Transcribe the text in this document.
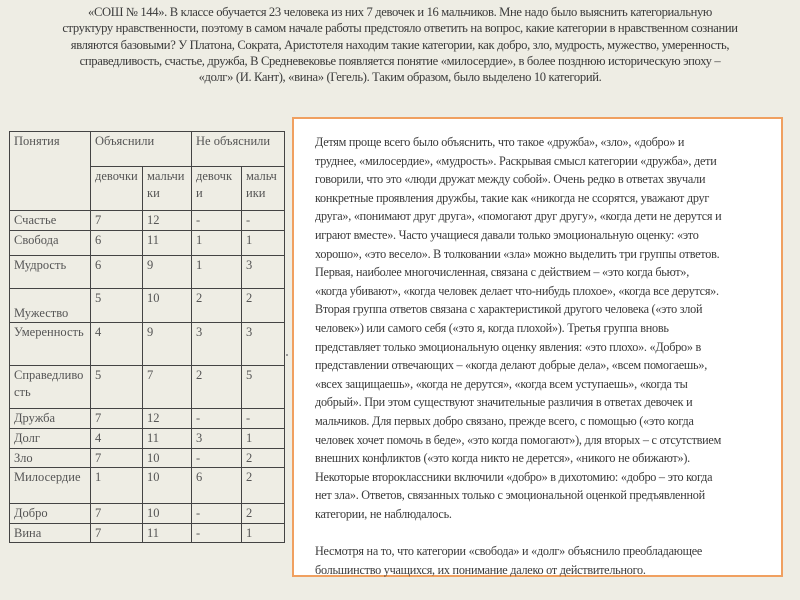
«СОШ № 144». В классе обучается 23 человека из них 7 девочек и 16 мальчиков. Мне надо было выяснить категориальную
структуру нравственности, поэтому в самом начале работы предстояло ответить на вопрос, какие категории в нравственном сознании
являются базовыми? У Платона, Сократа, Аристотеля находим такие категории, как добро, зло, мудрость, мужество, умеренность,
справедливость, счастье, дружба, В Средневековье появляется понятие «милосердие», в более позднюю историческую эпоху –
«долг» (И. Кант), «вина» (Гегель). Таким образом, было выделено 10 категорий.
Понятия	Объяснили		Не объяснили	
	девочки	мальчики	девочки	мальчики
Счастье	7	12	-	-
Свобода	6	11	1	1
Мудрость	6	9	1	3
Мужество	5	10	2	2
Умеренность	4	9	3	3
Справедливость	5	7	2	5
Дружба	7	12	-	-
Долг	4	11	3	1
Зло	7	10	-	2
Милосердие	1	10	6	2
Добро	7	10	-	2
Вина	7	11	-	1
Детям проще всего было объяснить, что такое «дружба», «зло», «добро» и
труднее, «милосердие», «мудрость». Раскрывая смысл категории «дружба», дети
говорили, что это «люди дружат между собой». Очень редко в ответах звучали
конкретные проявления дружбы, такие как «никогда не ссорятся, уважают друг
друга», «понимают друг друга», «помогают друг другу», «когда дети не дерутся и
играют вместе». Часто учащиеся давали только эмоциональную оценку: «это
хорошо», «это весело». В толковании «зла» можно выделить три группы ответов.
Первая, наиболее многочисленная, связана с действием – «это когда бьют»,
«когда убивают», «когда человек делает что-нибудь плохое», «когда все дерутся».
Вторая группа ответов связана с характеристикой другого человека («это злой
человек») или самого себя («это я, когда плохой»). Третья группа вновь
представляет только эмоциональную оценку явления: «это плохо». «Добро» в
представлении отвечающих – «когда делают добрые дела», «всем помогаешь»,
«всех защищаешь», «когда не дерутся», «когда всем уступаешь», «когда ты
добрый». При этом существуют значительные различия в ответах девочек и
мальчиков. Для первых добро связано, прежде всего, с помощью («это когда
человек хочет помочь в беде», «это когда помогают»), для вторых – с отсутствием
внешних конфликтов («это когда никто не дерется», «никого не обижают»).
Некоторые второклассники включили «добро» в дихотомию: «добро – это когда
нет зла». Ответов, связанных только с эмоциональной оценкой предъявленной
категории, не наблюдалось.
Несмотря на то, что категории «свобода» и «долг» объяснило преобладающее
большинство учащихся, их понимание далеко от действительного.
